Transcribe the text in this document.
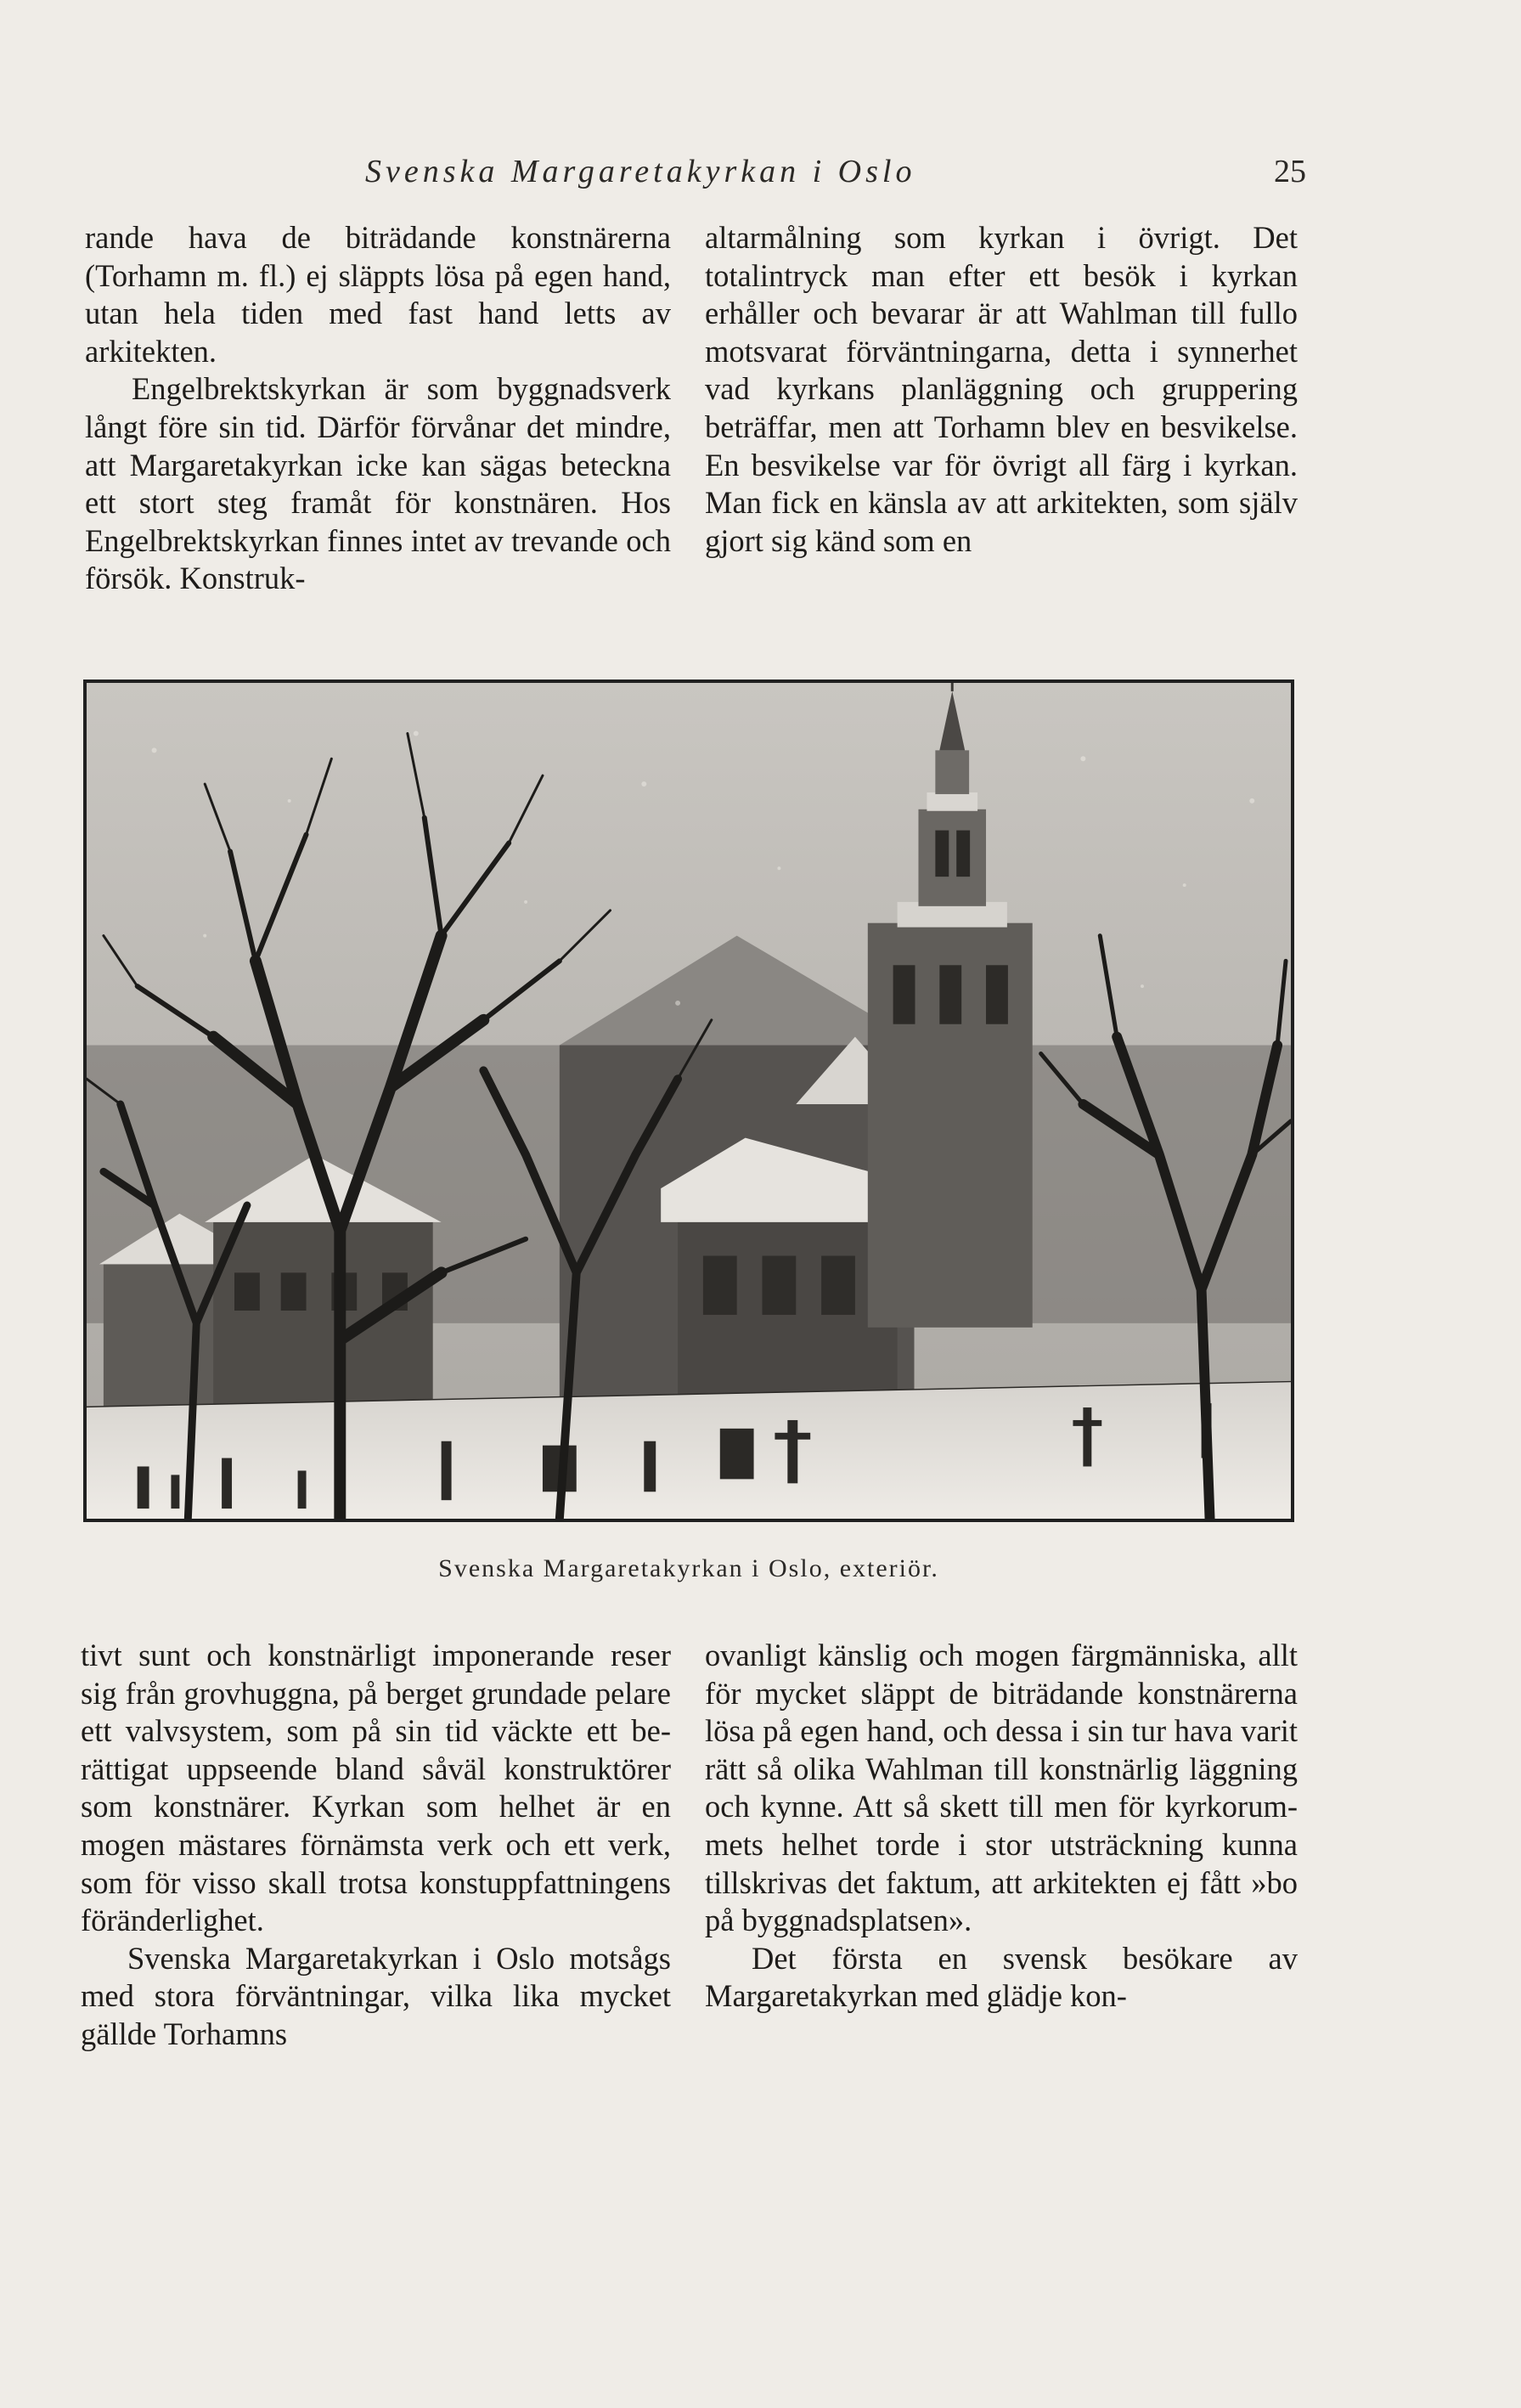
Svenska Margaretakyrkan i Oslo	25

rande hava de biträdande konstnärerna (Torhamn m. fl.) ej släppts lösa på egen hand, utan hela tiden med fast hand letts av arkitekten.

Engelbrektskyrkan är som byggnadsverk långt före sin tid. Därför förvånar det mindre, att Margaretakyrkan icke kan sägas beteckna ett stort steg framåt för konstnären. Hos Engelbrektskyrkan finnes intet av trevande och försök. Konstruk-

altarmålning som kyrkan i övrigt. Det totalintryck man efter ett besök i kyrkan erhåller och bevarar är att Wahlman till fullo motsvarat förväntningarna, detta i synnerhet vad kyrkans planläggning och gruppering beträffar, men att Torhamn blev en besvikelse. En besvikelse var för övrigt all färg i kyrkan. Man fick en känsla av att arkitekten, som själv gjort sig känd som en

Svenska Margaretakyrkan i Oslo, exteriör.

tivt sunt och konstnärligt imponerande reser sig från grovhuggna, på berget grundade pelare ett valvsystem, som på sin tid väckte ett berättigat uppseende bland såväl konstruktörer som konstnärer. Kyrkan som helhet är en mogen mästares förnämsta verk och ett verk, som för visso skall trotsa konstuppfattningens föränderlighet.

Svenska Margaretakyrkan i Oslo motsågs med stora förväntningar, vilka lika mycket gällde Torhamns

ovanligt känslig och mogen färgmänniska, allt för mycket släppt de biträdande konstnärerna lösa på egen hand, och dessa i sin tur hava varit rätt så olika Wahlman till konstnärlig läggning och kynne. Att så skett till men för kyrkorummets helhet torde i stor utsträckning kunna tillskrivas det faktum, att arkitekten ej fått »bo på byggnadsplatsen».

Det första en svensk besökare av Margaretakyrkan med glädje kon-
